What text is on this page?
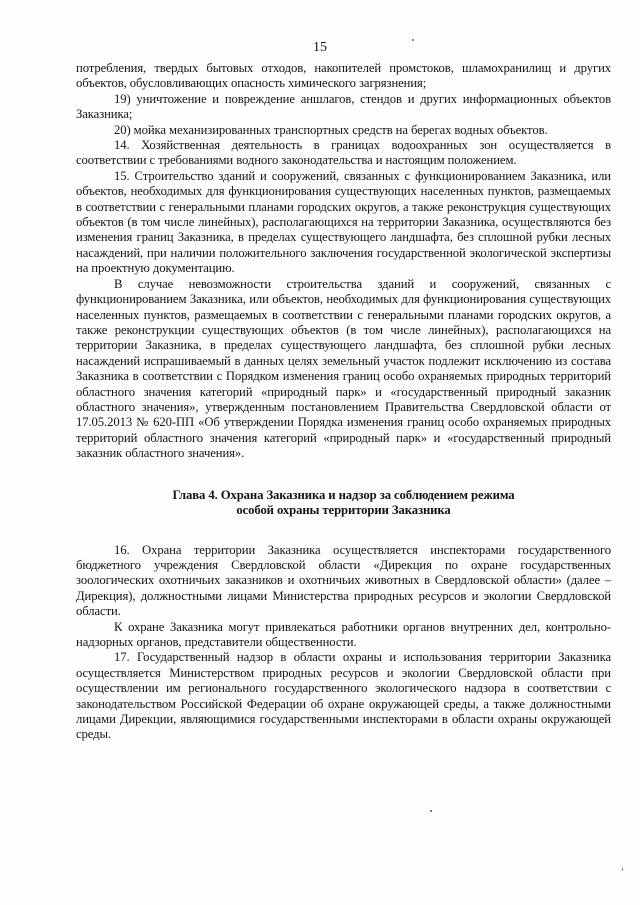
15

потребления, твердых бытовых отходов, накопителей промстоков, шламохранилищ и других объектов, обусловливающих опасность химического загрязнения;

19) уничтожение и повреждение аншлагов, стендов и других информационных объектов Заказника;

20) мойка механизированных транспортных средств на берегах водных объектов.

14. Хозяйственная деятельность в границах водоохранных зон осуществляется в соответствии с требованиями водного законодательства и настоящим положением.

15. Строительство зданий и сооружений, связанных с функционированием Заказника, или объектов, необходимых для функционирования существующих населенных пунктов, размещаемых в соответствии с генеральными планами городских округов, а также реконструкция существующих объектов (в том числе линейных), располагающихся на территории Заказника, осуществляются без изменения границ Заказника, в пределах существующего ландшафта, без сплошной рубки лесных насаждений, при наличии положительного заключения государственной экологической экспертизы на проектную документацию.

В случае невозможности строительства зданий и сооружений, связанных с функционированием Заказника, или объектов, необходимых для функционирования существующих населенных пунктов, размещаемых в соответствии с генеральными планами городских округов, а также реконструкции существующих объектов (в том числе линейных), располагающихся на территории Заказника, в пределах существующего ландшафта, без сплошной рубки лесных насаждений испрашиваемый в данных целях земельный участок подлежит исключению из состава Заказника в соответствии с Порядком изменения границ особо охраняемых природных территорий областного значения категорий «природный парк» и «государственный природный заказник областного значения», утвержденным постановлением Правительства Свердловской области от 17.05.2013 № 620-ПП «Об утверждении Порядка изменения границ особо охраняемых природных территорий областного значения категорий «природный парк» и «государственный природный заказник областного значения».

Глава 4. Охрана Заказника и надзор за соблюдением режима
особой охраны территории Заказника

16. Охрана территории Заказника осуществляется инспекторами государственного бюджетного учреждения Свердловской области «Дирекция по охране государственных зоологических охотничьих заказников и охотничьих животных в Свердловской области» (далее – Дирекция), должностными лицами Министерства природных ресурсов и экологии Свердловской области.

К охране Заказника могут привлекаться работники органов внутренних дел, контрольно-надзорных органов, представители общественности.

17. Государственный надзор в области охраны и использования территории Заказника осуществляется Министерством природных ресурсов и экологии Свердловской области при осуществлении им регионального государственного экологического надзора в соответствии с законодательством Российской Федерации об охране окружающей среды, а также должностными лицами Дирекции, являющимися государственными инспекторами в области охраны окружающей среды.
